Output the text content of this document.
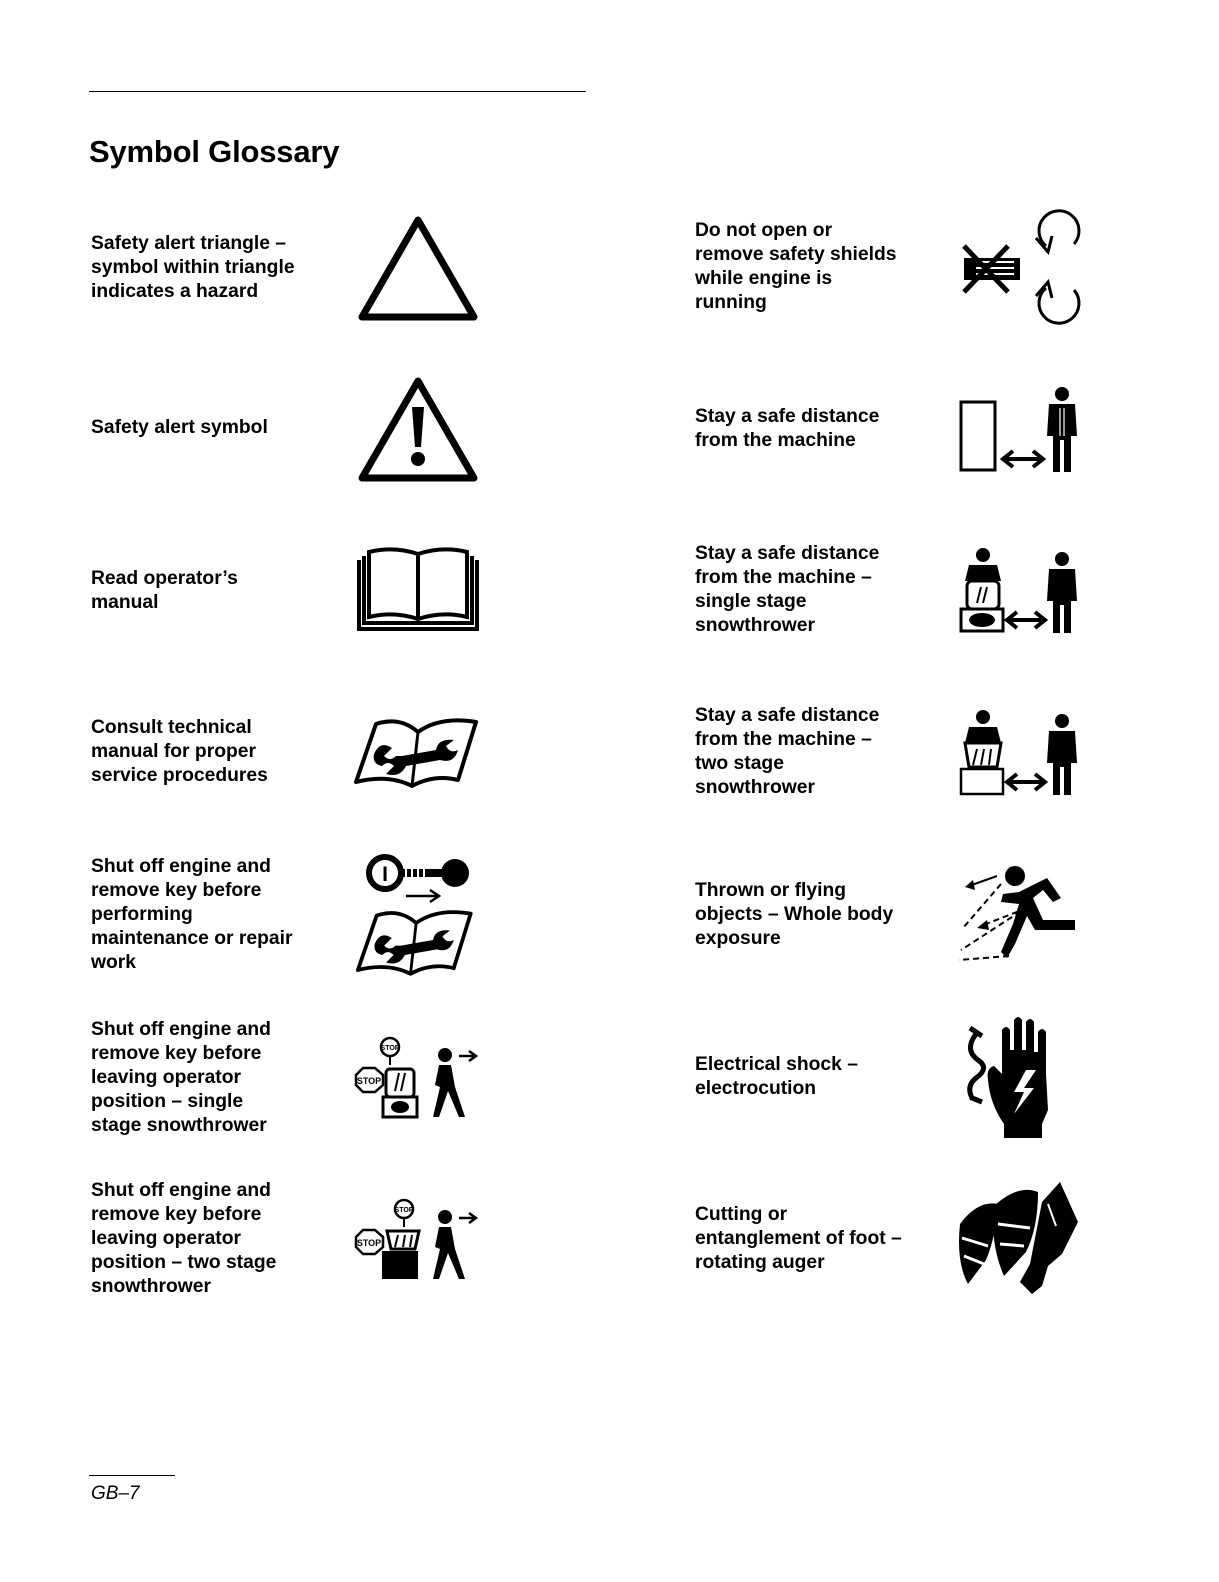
Symbol Glossary

Safety alert triangle –
symbol within triangle
indicates a hazard

Safety alert symbol

Read operator’s
manual

Consult technical
manual for proper
service procedures

Shut off engine and
remove key before
performing
maintenance or repair
work

I

Shut off engine and
remove key before
leaving operator
position – single
stage snowthrower

STOP
STOP

Shut off engine and
remove key before
leaving operator
position – two stage
snowthrower

STOP
STOP

Do not open or
remove safety shields
while engine is
running

Stay a safe distance
from the machine

Stay a safe distance
from the machine –
single stage
snowthrower

Stay a safe distance
from the machine –
two stage
snowthrower

Thrown or flying
objects – Whole body
exposure

Electrical shock –
electrocution

Cutting or
entanglement of foot –
rotating auger

GB–7
